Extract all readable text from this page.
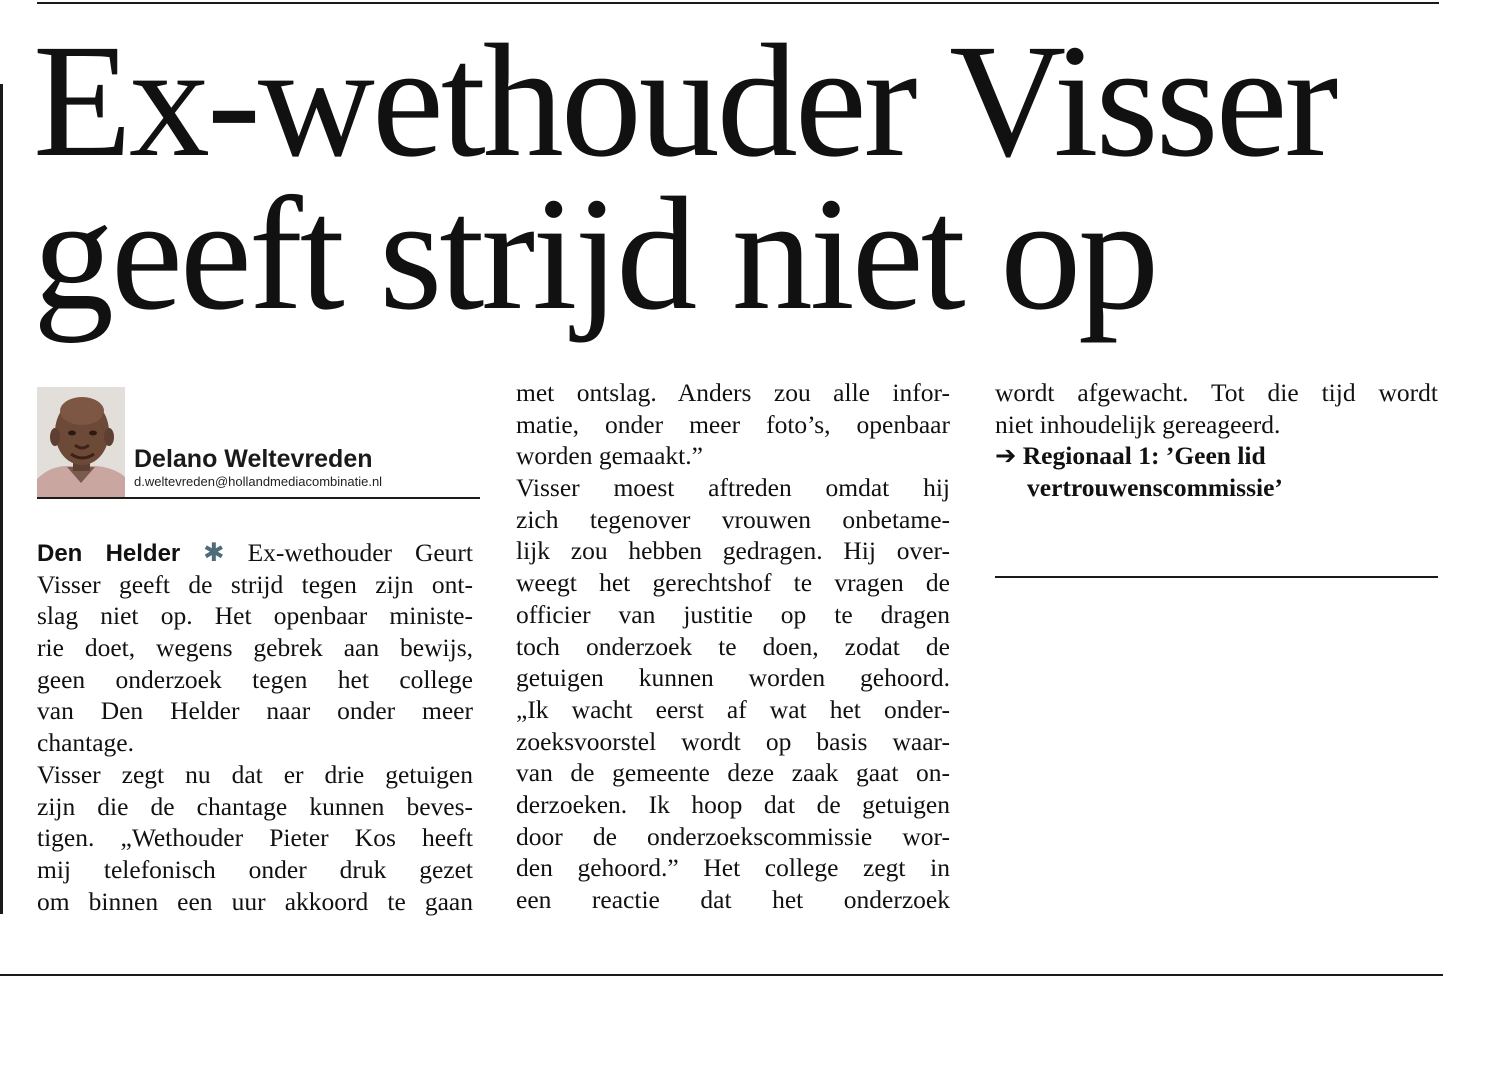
Ex-wethouder Visser
geeft strijd niet op
Delano Weltevreden
d.weltevreden@hollandmediacombinatie.nl
Den Helder ✱ Ex-wethouder Geurt
Visser geeft de strijd tegen zijn ont-
slag niet op. Het openbaar ministe-
rie doet, wegens gebrek aan bewijs,
geen onderzoek tegen het college
van Den Helder naar onder meer
chantage.
Visser zegt nu dat er drie getuigen
zijn die de chantage kunnen beves-
tigen. „Wethouder Pieter Kos heeft
mij telefonisch onder druk gezet
om binnen een uur akkoord te gaan
met ontslag. Anders zou alle infor-
matie, onder meer foto’s, openbaar
worden gemaakt.”
Visser moest aftreden omdat hij
zich tegenover vrouwen onbetame-
lijk zou hebben gedragen. Hij over-
weegt het gerechtshof te vragen de
officier van justitie op te dragen
toch onderzoek te doen, zodat de
getuigen kunnen worden gehoord.
„Ik wacht eerst af wat het onder-
zoeksvoorstel wordt op basis waar-
van de gemeente deze zaak gaat on-
derzoeken. Ik hoop dat de getuigen
door de onderzoekscommissie wor-
den gehoord.” Het college zegt in
een reactie dat het onderzoek
wordt afgewacht. Tot die tijd wordt
niet inhoudelijk gereageerd.
➔ Regionaal 1: ’Geen lid
vertrouwenscommissie’
